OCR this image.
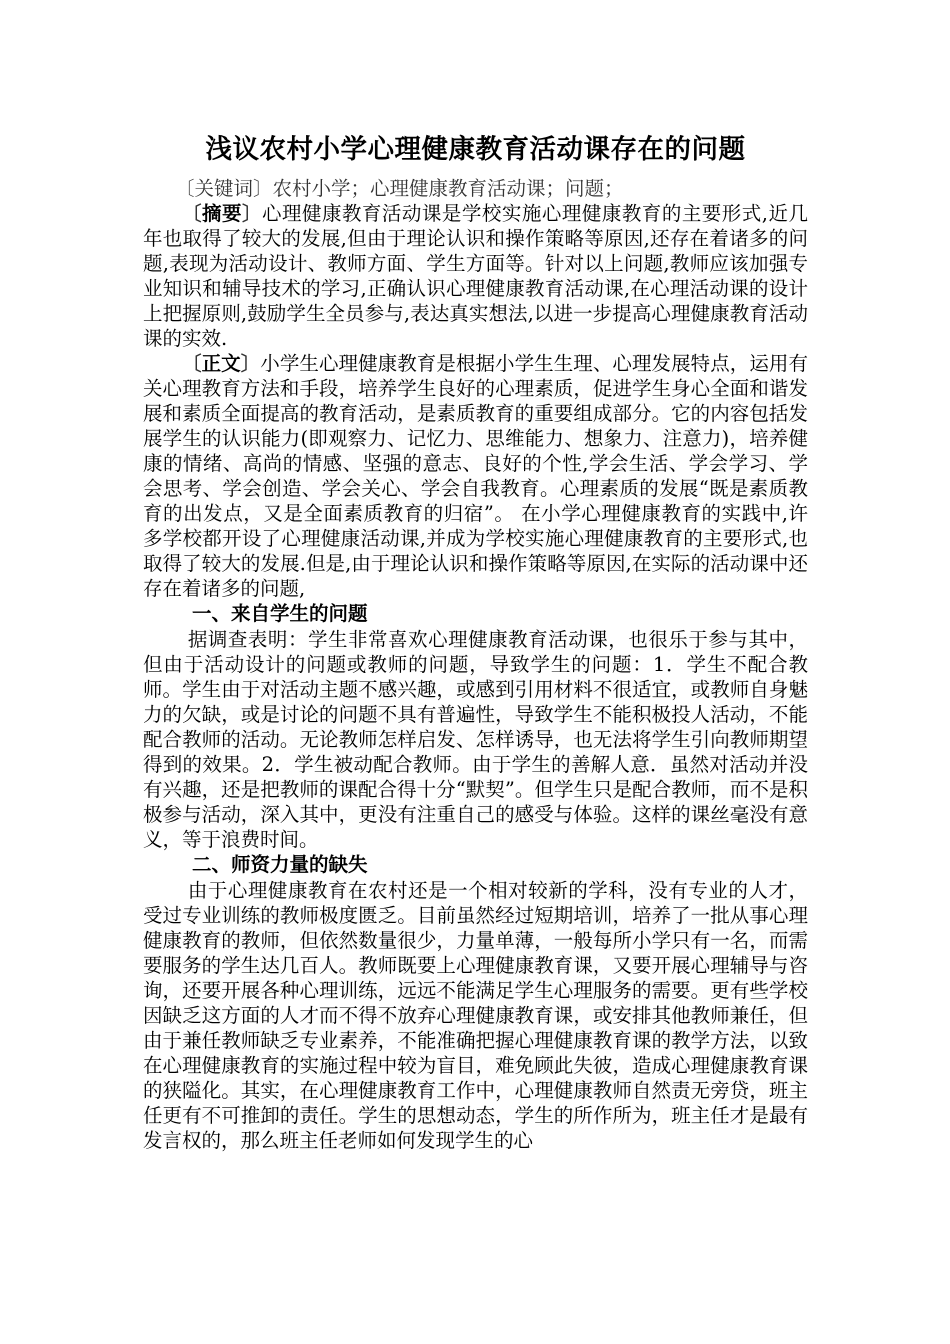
浅议农村小学心理健康教育活动课存在的问题

〔关键词〕农村小学；心理健康教育活动课；问题；

〔摘要〕心理健康教育活动课是学校实施心理健康教育的主要形式,近几年也取得了较大的发展,但由于理论认识和操作策略等原因,还存在着诸多的问题,表现为活动设计、教师方面、学生方面等。针对以上问题,教师应该加强专业知识和辅导技术的学习,正确认识心理健康教育活动课,在心理活动课的设计上把握原则,鼓励学生全员参与,表达真实想法,以进一步提高心理健康教育活动课的实效.

〔正文〕小学生心理健康教育是根据小学生生理、心理发展特点，运用有关心理教育方法和手段，培养学生良好的心理素质，促进学生身心全面和谐发展和素质全面提高的教育活动，是素质教育的重要组成部分。它的内容包括发展学生的认识能力(即观察力、记忆力、思维能力、想象力、注意力)，培养健康的情绪、高尚的情感、坚强的意志、良好的个性,学会生活、学会学习、学会思考、学会创造、学会关心、学会自我教育。心理素质的发展“既是素质教育的出发点，又是全面素质教育的归宿”。 在小学心理健康教育的实践中,许多学校都开设了心理健康活动课,并成为学校实施心理健康教育的主要形式,也取得了较大的发展.但是,由于理论认识和操作策略等原因,在实际的活动课中还存在着诸多的问题,

一、来自学生的问题

据调查表明：学生非常喜欢心理健康教育活动课，也很乐于参与其中，但由于活动设计的问题或教师的问题，导致学生的问题：1．学生不配合教师。学生由于对活动主题不感兴趣，或感到引用材料不很适宜，或教师自身魅力的欠缺，或是讨论的问题不具有普遍性，导致学生不能积极投人活动，不能配合教师的活动。无论教师怎样启发、怎样诱导，也无法将学生引向教师期望得到的效果。2．学生被动配合教师。由于学生的善解人意．虽然对活动并没有兴趣，还是把教师的课配合得十分“默契”。但学生只是配合教师，而不是积极参与活动，深入其中，更没有注重自己的感受与体验。这样的课丝毫没有意义，等于浪费时间。

二、师资力量的缺失

由于心理健康教育在农村还是一个相对较新的学科，没有专业的人才，受过专业训练的教师极度匮乏。目前虽然经过短期培训，培养了一批从事心理健康教育的教师，但依然数量很少，力量单薄，一般每所小学只有一名，而需要服务的学生达几百人。教师既要上心理健康教育课，又要开展心理辅导与咨询，还要开展各种心理训练，远远不能满足学生心理服务的需要。更有些学校因缺乏这方面的人才而不得不放弃心理健康教育课，或安排其他教师兼任，但由于兼任教师缺乏专业素养，不能准确把握心理健康教育课的教学方法，以致在心理健康教育的实施过程中较为盲目，难免顾此失彼，造成心理健康教育课的狭隘化。其实，在心理健康教育工作中，心理健康教师自然责无旁贷，班主任更有不可推卸的责任。学生的思想动态，学生的所作所为，班主任才是最有发言权的，那么班主任老师如何发现学生的心
